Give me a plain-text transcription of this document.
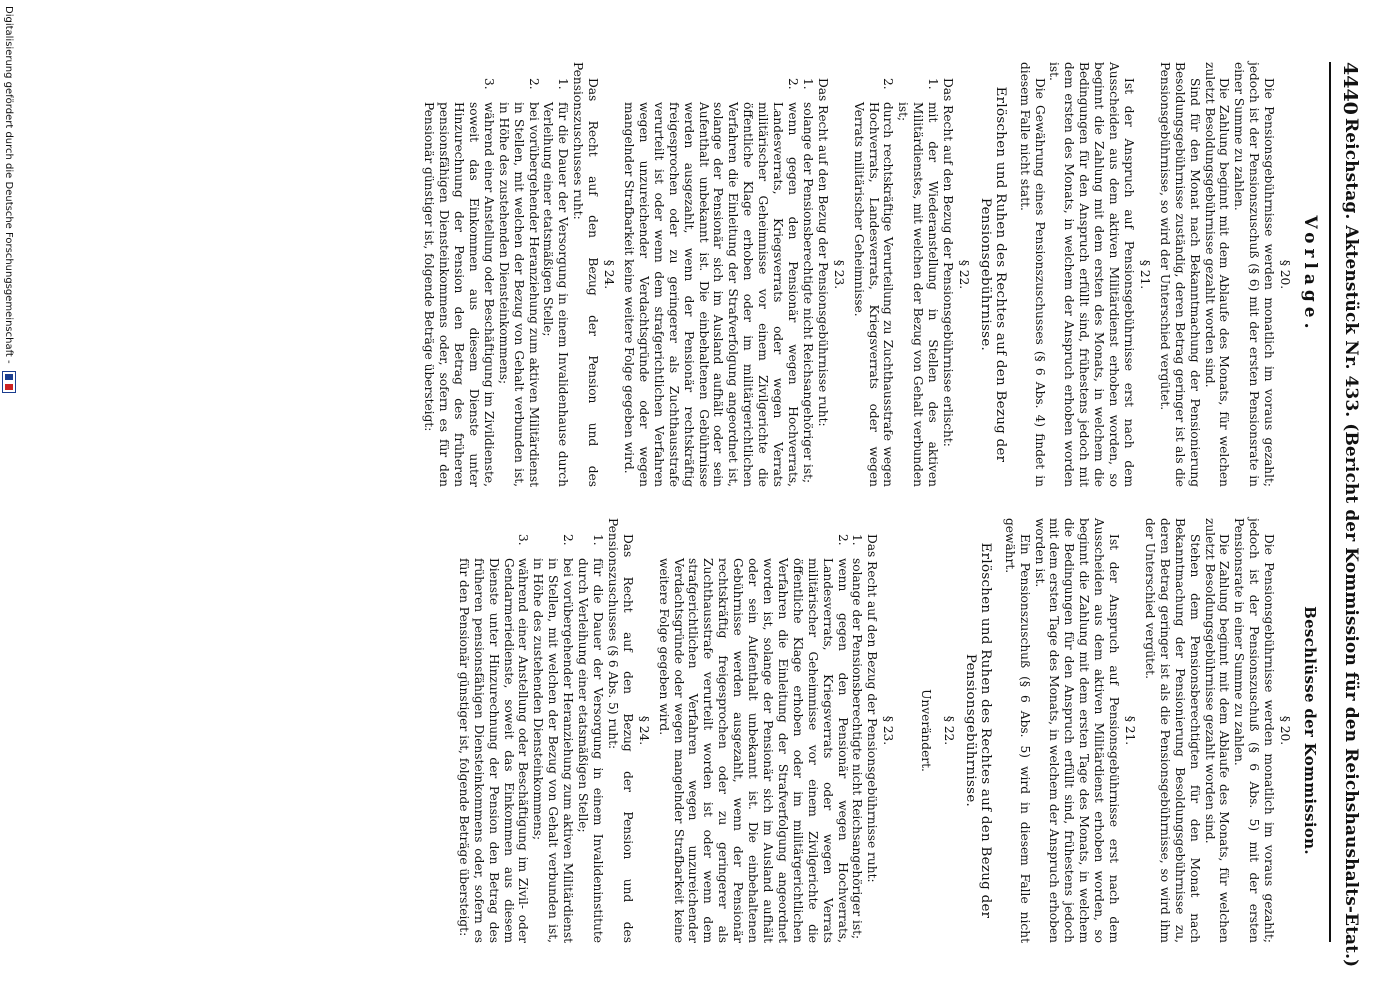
4440
Reichstag. Aktenstück Nr. 433. (Bericht der Kommission für den Reichshaushalts-Etat.)
Vorlage.
§ 20.

Die Pensionsgebührnisse werden monatlich im voraus gezahlt; jedoch ist der Pensionszuschuß (§ 6) mit der ersten Pensionsrate in einer Summe zu zahlen.

Die Zahlung beginnt mit dem Ablaufe des Monats, für welchen zuletzt Besoldungsgebührnisse gezahlt worden sind.

Sind für den Monat nach Bekanntmachung der Pensionierung Besoldungsgebührnisse zuständig, deren Betrag geringer ist als die Pensionsgebührnisse, so wird der Unterschied vergütet.

§ 21.

Ist der Anspruch auf Pensionsgebührnisse erst nach dem Ausscheiden aus dem aktiven Militärdienst erhoben worden, so beginnt die Zahlung mit dem ersten des Monats, in welchem die Bedingungen für den Anspruch erfüllt sind, frühestens jedoch mit dem ersten des Monats, in welchem der Anspruch erhoben worden ist.

Die Gewährung eines Pensionszuschusses (§ 6 Abs. 4) findet in diesem Falle nicht statt.

Erlöschen und Ruhen des Rechtes auf den Bezug der Pensionsgebührnisse.
§ 22.

Das Recht auf den Bezug der Pensionsgebührnisse erlischt:

1.mit der Wiederanstellung in Stellen des aktiven Militärdienstes, mit welchen der Bezug von Gehalt verbunden ist;
2.durch rechtskräftige Verurteilung zu Zuchthausstrafe wegen Hochverrats, Landesverrats, Kriegsverrats oder wegen Verrats militärischer Geheimnisse.
§ 23.

Das Recht auf den Bezug der Pensionsgebührnisse ruht:

1.solange der Pensionsberechtigte nicht Reichsangehöriger ist;
2.wenn gegen den Pensionär wegen Hochverrats, Landesverrats, Kriegsverrats oder wegen Verrats militärischer Geheimnisse vor einem Zivilgerichte die öffentliche Klage erhoben oder im militärgerichtlichen Verfahren die Einleitung der Strafverfolgung angeordnet ist, solange der Pensionär sich im Ausland aufhält oder sein Aufenthalt unbekannt ist. Die einbehaltenen Gebührnisse werden ausgezahlt, wenn der Pensionär rechtskräftig freigesprochen oder zu geringerer als Zuchthausstrafe verurteilt ist oder wenn dem strafgerichtlichen Verfahren wegen unzureichender Verdachtsgründe oder wegen mangelnder Strafbarkeit keine weitere Folge gegeben wird.
§ 24.

Das Recht auf den Bezug der Pension und des Pensionszuschusses ruht:

1.für die Dauer der Versorgung in einem Invalidenhause durch Verleihung einer etatsmäßigen Stelle;
2.bei vorübergehender Heranziehung zum aktiven Militärdienst in Stellen, mit welchen der Bezug von Gehalt verbunden ist, in Höhe des zustehenden Diensteinkommens;
3.während einer Anstellung oder Beschäftigung im Zivildienste, soweit das Einkommen aus diesem Dienste unter Hinzurechnung der Pension den Betrag des früheren pensionsfähigen Diensteinkommens oder, sofern es für den Pensionär günstiger ist, folgende Beträge übersteigt:
Beschlüsse der Kommission.
§ 20.

Die Pensionsgebührnisse werden monatlich im voraus gezahlt; jedoch ist der Pensionszuschuß (§ 6 Abs. 5) mit der ersten Pensionsrate in einer Summe zu zahlen.

Die Zahlung beginnt mit dem Ablaufe des Monats, für welchen zuletzt Besoldungsgebührnisse gezahlt worden sind.

Stehen dem Pensionsberechtigten für den Monat nach Bekanntmachung der Pensionierung Besoldungsgebührnisse zu, deren Betrag geringer ist als die Pensionsgebührnisse, so wird ihm der Unterschied vergütet.

§ 21.

Ist der Anspruch auf Pensionsgebührnisse erst nach dem Ausscheiden aus dem aktiven Militärdienst erhoben worden, so beginnt die Zahlung mit dem ersten Tage des Monats, in welchem die Bedingungen für den Anspruch erfüllt sind, frühestens jedoch mit dem ersten Tage des Monats, in welchem der Anspruch erhoben worden ist.

Ein Pensionszuschuß (§ 6 Abs. 5) wird in diesem Falle nicht gewährt.

Erlöschen und Ruhen des Rechtes auf den Bezug der Pensionsgebührnisse.
§ 22.
Unverändert.
§ 23.

Das Recht auf den Bezug der Pensionsgebührnisse ruht:

1.solange der Pensionsberechtigte nicht Reichsangehöriger ist;
2.wenn gegen den Pensionär wegen Hochverrats, Landesverrats, Kriegsverrats oder wegen Verrats militärischer Geheimnisse vor einem Zivilgerichte die öffentliche Klage erhoben oder im militärgerichtlichen Verfahren die Einleitung der Strafverfolgung angeordnet worden ist, solange der Pensionär sich im Ausland aufhält oder sein Aufenthalt unbekannt ist. Die einbehaltenen Gebührnisse werden ausgezahlt, wenn der Pensionär rechtskräftig freigesprochen oder zu geringerer als Zuchthausstrafe verurteilt worden ist oder wenn dem strafgerichtlichen Verfahren wegen unzureichender Verdachtsgründe oder wegen mangelnder Strafbarkeit keine weitere Folge gegeben wird.
§ 24.

Das Recht auf den Bezug der Pension und des Pensionszuschusses (§ 6 Abs. 5) ruht:

1.für die Dauer der Versorgung in einem Invalideninstitute durch Verleihung einer etatsmäßigen Stelle;
2.bei vorübergehender Heranziehung zum aktiven Militärdienst in Stellen, mit welchen der Bezug von Gehalt verbunden ist, in Höhe des zustehenden Diensteinkommens;
3.während einer Anstellung oder Beschäftigung im Zivil- oder Gendarmeriedienste, soweit das Einkommen aus diesem Dienste unter Hinzurechnung der Pension den Betrag des früheren pensionsfähigen Diensteinkommens oder, sofern es für den Pensionär günstiger ist, folgende Beträge übersteigt:
Digitalisierung gefördert durch die Deutsche Forschungsgemeinschaft -
